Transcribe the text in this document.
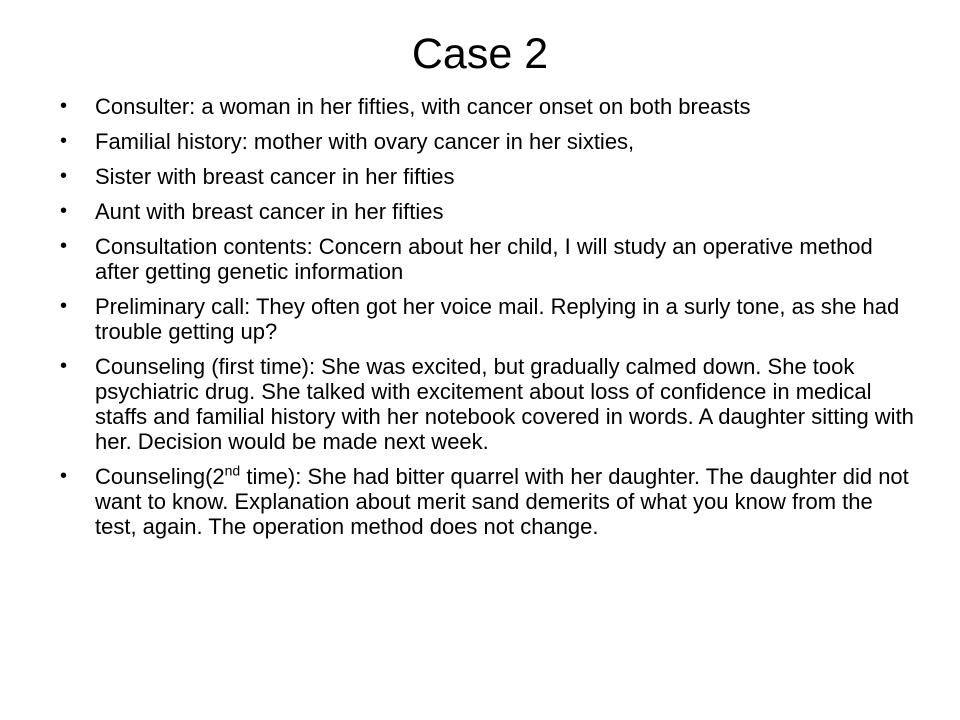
Case 2
• Consulter: a woman in her fifties, with cancer onset on both breasts
• Familial history: mother with ovary cancer in her sixties,
• Sister with breast cancer in her fifties
• Aunt with breast cancer in her fifties
• Consultation contents: Concern about her child, I will study an operative method after getting genetic information
• Preliminary call: They often got her voice mail. Replying in a surly tone, as she had trouble getting up?
• Counseling (first time): She was excited, but gradually calmed down. She took psychiatric drug. She talked with excitement about loss of confidence in medical staffs and familial history with her notebook covered in words. A daughter sitting with her. Decision would be made next week.
• Counseling(2nd time): She had bitter quarrel with her daughter. The daughter did not want to know. Explanation about merit sand demerits of what you know from the test, again. The operation method does not change.
